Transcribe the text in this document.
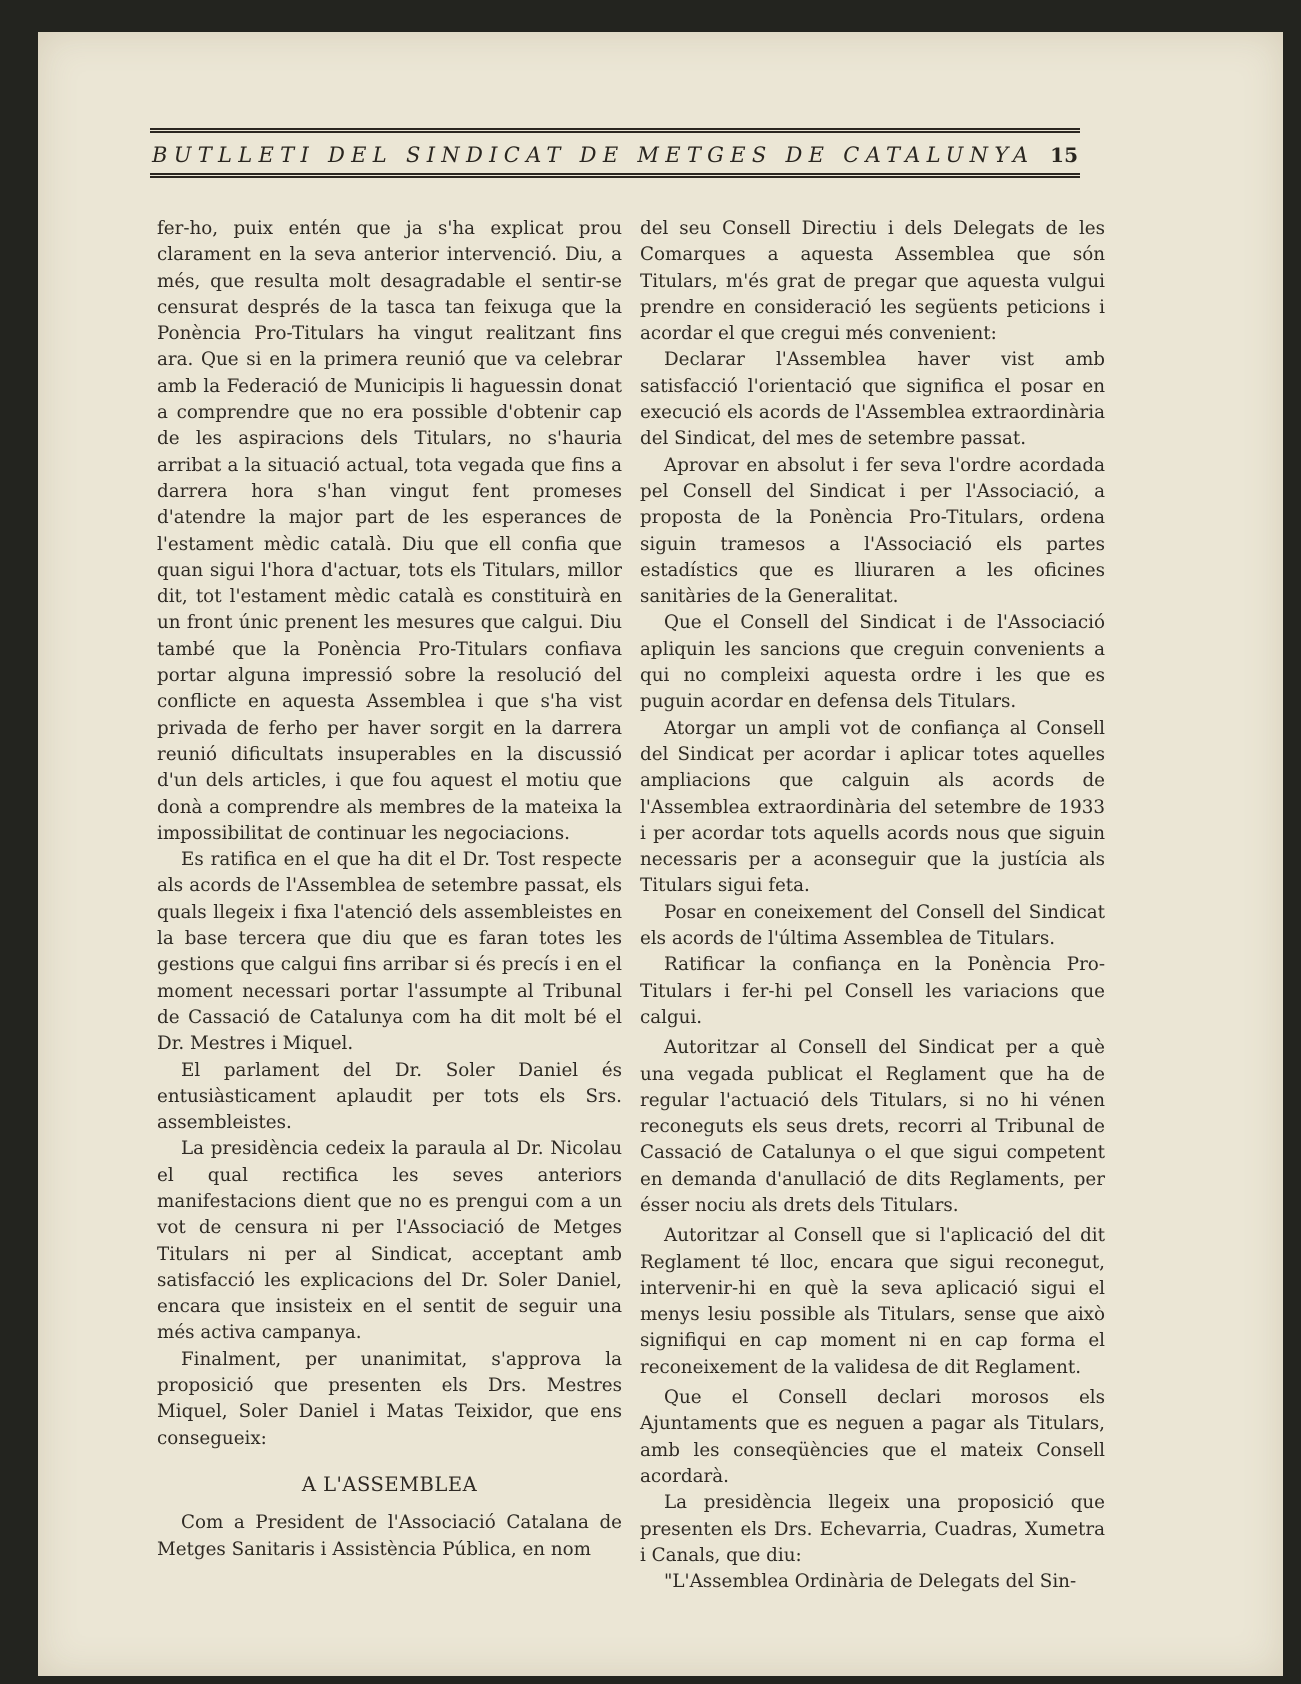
BUTLLETI DEL SINDICAT DE METGES DE CATALUNYA 15

fer-ho, puix entén que ja s'ha explicat prou clarament en la seva anterior intervenció. Diu, a més, que resulta molt desagradable el sentir-se censurat després de la tasca tan feixuga que la Ponència Pro-Titulars ha vingut realitzant fins ara. Que si en la primera reunió que va celebrar amb la Federació de Municipis li haguessin donat a comprendre que no era possible d'obtenir cap de les aspiracions dels Titulars, no s'hauria arribat a la situació actual, tota vegada que fins a darrera hora s'han vingut fent promeses d'atendre la major part de les esperances de l'estament mèdic català. Diu que ell confia que quan sigui l'hora d'actuar, tots els Titulars, millor dit, tot l'estament mèdic català es constituirà en un front únic prenent les mesures que calgui. Diu també que la Ponència Pro-Titulars confiava portar alguna impressió sobre la resolució del conflicte en aquesta Assemblea i que s'ha vist privada de ferho per haver sorgit en la darrera reunió dificultats insuperables en la discussió d'un dels articles, i que fou aquest el motiu que donà a comprendre als membres de la mateixa la impossibilitat de continuar les negociacions.

Es ratifica en el que ha dit el Dr. Tost respecte als acords de l'Assemblea de setembre passat, els quals llegeix i fixa l'atenció dels assembleistes en la base tercera que diu que es faran totes les gestions que calgui fins arribar si és precís i en el moment necessari portar l'assumpte al Tribunal de Cassació de Catalunya com ha dit molt bé el Dr. Mestres i Miquel.

El parlament del Dr. Soler Daniel és entusiàsticament aplaudit per tots els Srs. assembleistes.

La presidència cedeix la paraula al Dr. Nicolau el qual rectifica les seves anteriors manifestacions dient que no es prengui com a un vot de censura ni per l'Associació de Metges Titulars ni per al Sindicat, acceptant amb satisfacció les explicacions del Dr. Soler Daniel, encara que insisteix en el sentit de seguir una més activa campanya.

Finalment, per unanimitat, s'approva la proposició que presenten els Drs. Mestres Miquel, Soler Daniel i Matas Teixidor, que ens consegueix:

A L'ASSEMBLEA

Com a President de l'Associació Catalana de Metges Sanitaris i Assistència Pública, en nom

del seu Consell Directiu i dels Delegats de les Comarques a aquesta Assemblea que són Titulars, m'és grat de pregar que aquesta vulgui prendre en consideració les següents peticions i acordar el que cregui més convenient:

Declarar l'Assemblea haver vist amb satisfacció l'orientació que significa el posar en execució els acords de l'Assemblea extraordinària del Sindicat, del mes de setembre passat.

Aprovar en absolut i fer seva l'ordre acordada pel Consell del Sindicat i per l'Associació, a proposta de la Ponència Pro-Titulars, ordena siguin tramesos a l'Associació els partes estadístics que es lliuraren a les oficines sanitàries de la Generalitat.

Que el Consell del Sindicat i de l'Associació apliquin les sancions que creguin convenients a qui no compleixi aquesta ordre i les que es puguin acordar en defensa dels Titulars.

Atorgar un ampli vot de confiança al Consell del Sindicat per acordar i aplicar totes aquelles ampliacions que calguin als acords de l'Assemblea extraordinària del setembre de 1933 i per acordar tots aquells acords nous que siguin necessaris per a aconseguir que la justícia als Titulars sigui feta.

Posar en coneixement del Consell del Sindicat els acords de l'última Assemblea de Titulars.

Ratificar la confiança en la Ponència Pro-Titulars i fer-hi pel Consell les variacions que calgui.

Autoritzar al Consell del Sindicat per a què una vegada publicat el Reglament que ha de regular l'actuació dels Titulars, si no hi vénen reconeguts els seus drets, recorri al Tribunal de Cassació de Catalunya o el que sigui competent en demanda d'anullació de dits Reglaments, per ésser nociu als drets dels Titulars.

Autoritzar al Consell que si l'aplicació del dit Reglament té lloc, encara que sigui reconegut, intervenir-hi en què la seva aplicació sigui el menys lesiu possible als Titulars, sense que això signifiqui en cap moment ni en cap forma el reconeixement de la validesa de dit Reglament.

Que el Consell declari morosos els Ajuntaments que es neguen a pagar als Titulars, amb les conseqüències que el mateix Consell acordarà.

La presidència llegeix una proposició que presenten els Drs. Echevarria, Cuadras, Xumetra i Canals, que diu:

"L'Assemblea Ordinària de Delegats del Sin-
